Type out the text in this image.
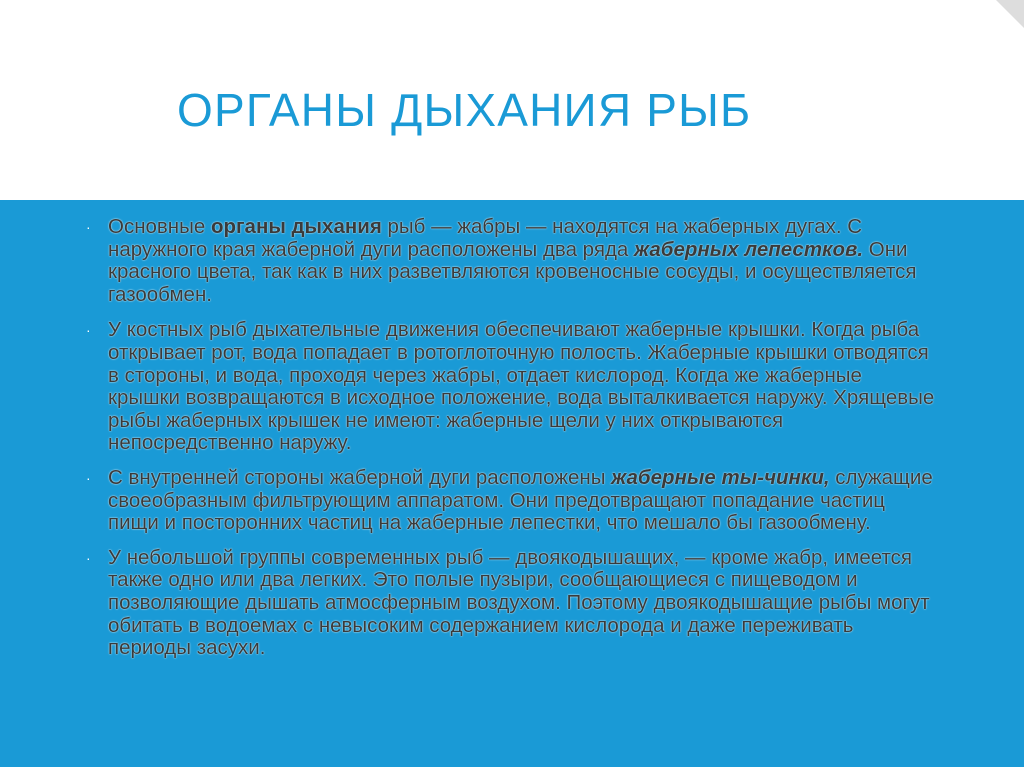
ОРГАНЫ ДЫХАНИЯ РЫБ
· Основные органы дыхания рыб — жабры — находятся на жаберных дугах. С наружного края жаберной дуги расположены два ряда жаберных лепестков. Они красного цвета, так как в них разветвляются кровеносные сосуды, и осуществляется газообмен.
· У костных рыб дыхательные движения обеспечивают жаберные крышки. Когда рыба открывает рот, вода попадает в ротоглоточную полость. Жаберные крышки отводятся в стороны, и вода, проходя через жабры, отдает кислород. Когда же жаберные крышки возвращаются в исходное положение, вода выталкивается наружу. Хрящевые рыбы жаберных крышек не имеют: жаберные щели у них открываются непосредственно наружу.
· С внутренней стороны жаберной дуги расположены жаберные ты-чинки, служащие своеобразным фильтрующим аппаратом. Они предотвращают попадание частиц пищи и посторонних частиц на жаберные лепестки, что мешало бы газообмену.
· У небольшой группы современных рыб — двоякодышащих, — кроме жабр, имеется также одно или два легких. Это полые пузыри, сообщающиеся с пищеводом и позволяющие дышать атмосферным воздухом. Поэтому двоякодышащие рыбы могут обитать в водоемах с невысоким содержанием кислорода и даже переживать периоды засухи.
